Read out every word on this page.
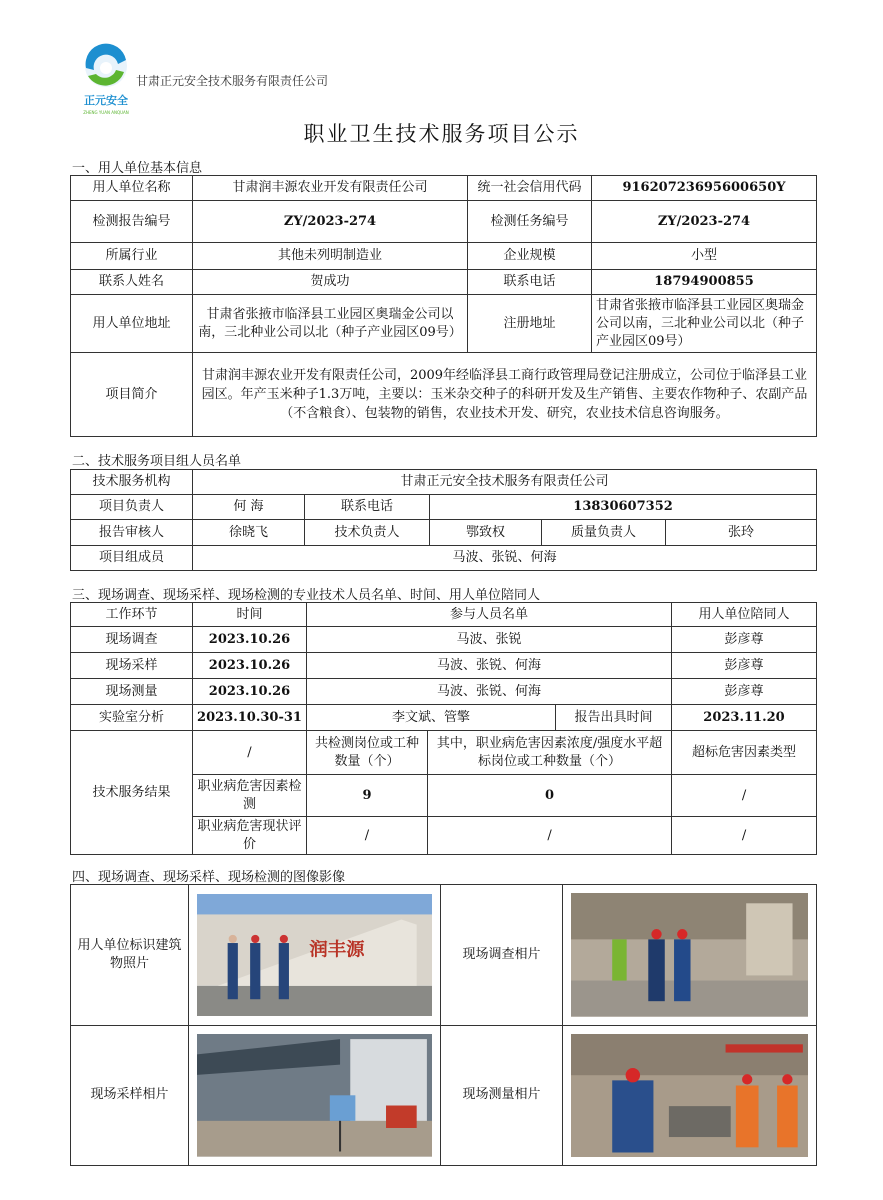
正元安全
ZHENG YUAN ANQUAN
甘肃正元安全技术服务有限责任公司
职业卫生技术服务项目公示
一、用人单位基本信息
用人单位名称	甘肃润丰源农业开发有限责任公司	统一社会信用代码	91620723695600650Y
检测报告编号	ZY/2023-274	检测任务编号	ZY/2023-274
所属行业	其他未列明制造业	企业规模	小型
联系人姓名	贺成功	联系电话	18794900855
用人单位地址	甘肃省张掖市临泽县工业园区奥瑞金公司以南，三北种业公司以北（种子产业园区09号）	注册地址	甘肃省张掖市临泽县工业园区奥瑞金公司以南，三北种业公司以北（种子产业园区09号）
项目简介	甘肃润丰源农业开发有限责任公司，2009年经临泽县工商行政管理局登记注册成立，公司位于临泽县工业园区。年产玉米种子1.3万吨，主要以：玉米杂交种子的科研开发及生产销售、主要农作物种子、农副产品（不含粮食）、包装物的销售，农业技术开发、研究，农业技术信息咨询服务。		
二、技术服务项目组人员名单
技术服务机构	甘肃正元安全技术服务有限责任公司				
项目负责人	何 海	联系电话	13830607352		
报告审核人	徐晓飞	技术负责人	鄂致权	质量负责人	张玲
项目组成员	马波、张锐、何海				
三、现场调查、现场采样、现场检测的专业技术人员名单、时间、用人单位陪同人
工作环节	时间	参与人员名单			用人单位陪同人
现场调查	2023.10.26	马波、张锐			彭彦尊
现场采样	2023.10.26	马波、张锐、何海			彭彦尊
现场测量	2023.10.26	马波、张锐、何海			彭彦尊
实验室分析	2023.10.30-31	李文斌、管擎		报告出具时间	2023.11.20
技术服务结果	/	共检测岗位或工种数量（个）	其中，职业病危害因素浓度/强度水平超标岗位或工种数量（个）		超标危害因素类型
	职业病危害因素检测	9	0		/
	职业病危害现状评价	/	/		/
四、现场调查、现场采样、现场检测的图像影像
用人单位标识建筑物照片	润丰源	现场调查相片	

现场采样相片		现场测量相片	
